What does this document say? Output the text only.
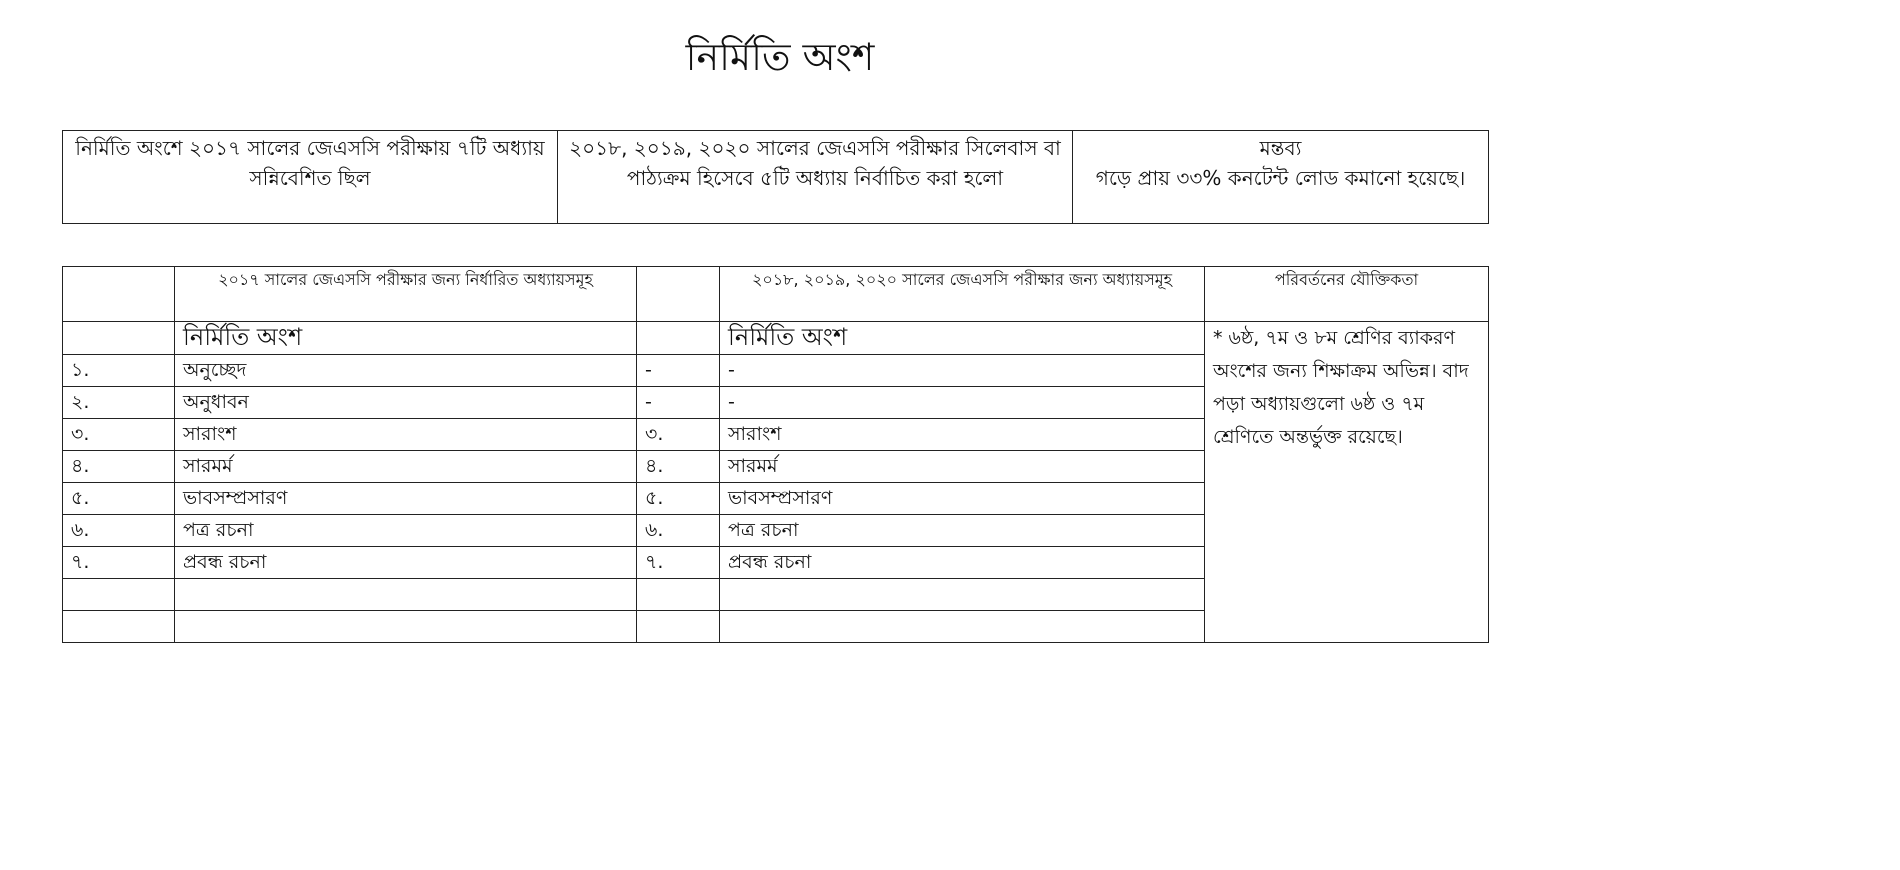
নির্মিতি অংশ
নির্মিতি অংশে ২০১৭ সালের জেএসসি পরীক্ষায় ৭টি অধ্যায় সন্নিবেশিত ছিল	২০১৮, ২০১৯, ২০২০ সালের জেএসসি পরীক্ষার সিলেবাস বা পাঠ্যক্রম হিসেবে ৫টি অধ্যায় নির্বাচিত করা হলো	
মন্তব্য
গড়ে প্রায় ৩৩% কনটেন্ট লোড কমানো হয়েছে।
	২০১৭ সালের জেএসসি পরীক্ষার জন্য নির্ধারিত অধ্যায়সমূহ		২০১৮, ২০১৯, ২০২০ সালের জেএসসি পরীক্ষার জন্য অধ্যায়সমূহ	পরিবর্তনের যৌক্তিকতা
	নির্মিতি অংশ		নির্মিতি অংশ	* ৬ষ্ঠ, ৭ম ও ৮ম শ্রেণির ব্যাকরণ অংশের জন্য শিক্ষাক্রম অভিন্ন। বাদ পড়া অধ্যায়গুলো ৬ষ্ঠ ও ৭ম শ্রেণিতে অন্তর্ভুক্ত রয়েছে।
১.	অনুচ্ছেদ	-	-	
২.	অনুধাবন	-	-	
৩.	সারাংশ	৩.	সারাংশ	
৪.	সারমর্ম	৪.	সারমর্ম	
৫.	ভাবসম্প্রসারণ	৫.	ভাবসম্প্রসারণ	
৬.	পত্র রচনা	৬.	পত্র রচনা	
৭.	প্রবন্ধ রচনা	৭.	প্রবন্ধ রচনা	
